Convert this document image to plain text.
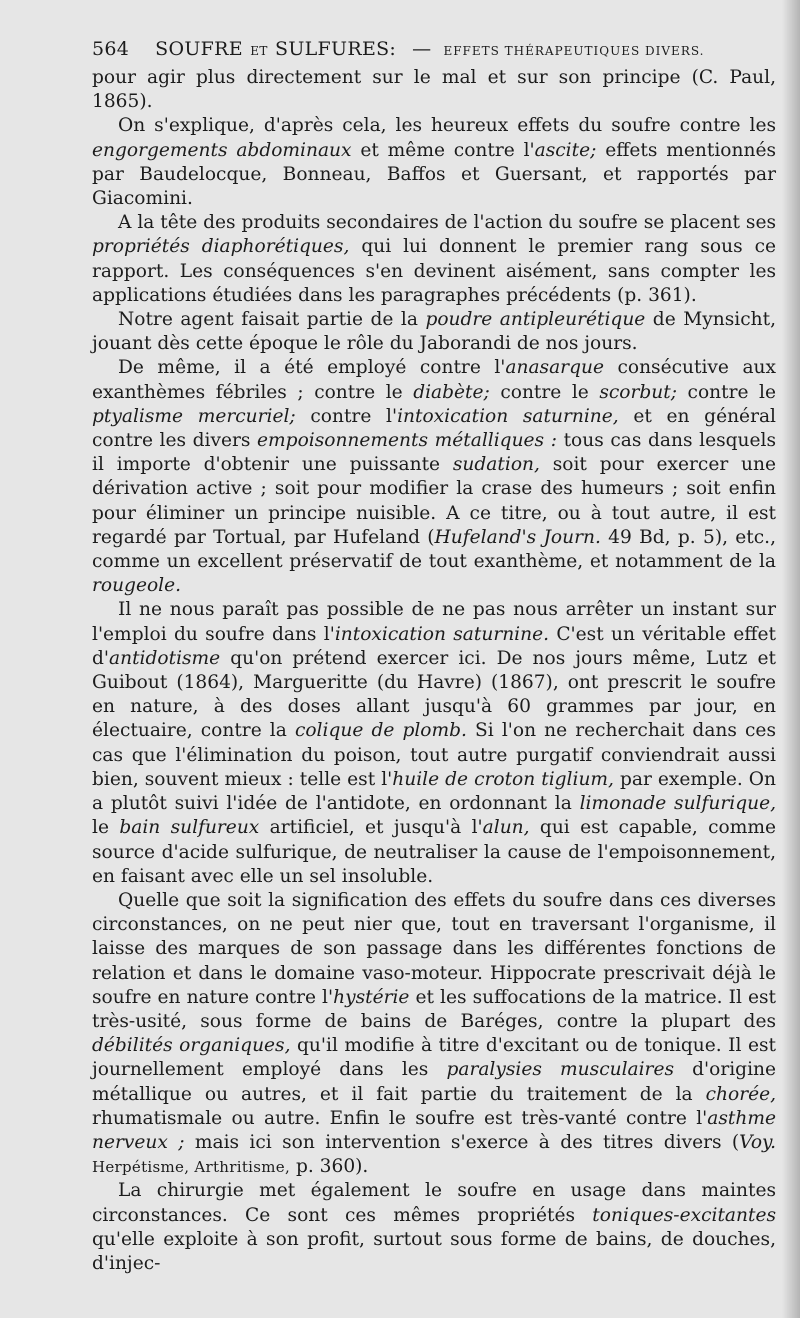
564 SOUFRE ET SULFURES: — EFFETS THÉRAPEUTIQUES DIVERS.

pour agir plus directement sur le mal et sur son principe (C. Paul, 1865).

On s'explique, d'après cela, les heureux effets du soufre contre les engorgements abdominaux et même contre l'ascite; effets mentionnés par Baudelocque, Bonneau, Baffos et Guersant, et rapportés par Giacomini.

A la tête des produits secondaires de l'action du soufre se placent ses propriétés diaphorétiques, qui lui donnent le premier rang sous ce rapport. Les conséquences s'en devinent aisément, sans compter les applications étudiées dans les paragraphes précédents (p. 361).

Notre agent faisait partie de la poudre antipleurétique de Mynsicht, jouant dès cette époque le rôle du Jaborandi de nos jours.

De même, il a été employé contre l'anasarque consécutive aux exanthèmes fébriles ; contre le diabète; contre le scorbut; contre le ptyalisme mercuriel; contre l'intoxication saturnine, et en général contre les divers empoisonnements métalliques : tous cas dans lesquels il importe d'obtenir une puissante sudation, soit pour exercer une dérivation active ; soit pour modifier la crase des humeurs ; soit enfin pour éliminer un principe nuisible. A ce titre, ou à tout autre, il est regardé par Tortual, par Hufeland (Hufeland's Journ. 49 Bd, p. 5), etc., comme un excellent préservatif de tout exanthème, et notamment de la rougeole.

Il ne nous paraît pas possible de ne pas nous arrêter un instant sur l'emploi du soufre dans l'intoxication saturnine. C'est un véritable effet d'antidotisme qu'on prétend exercer ici. De nos jours même, Lutz et Guibout (1864), Margueritte (du Havre) (1867), ont prescrit le soufre en nature, à des doses allant jusqu'à 60 grammes par jour, en électuaire, contre la colique de plomb. Si l'on ne recherchait dans ces cas que l'élimination du poison, tout autre purgatif conviendrait aussi bien, souvent mieux : telle est l'huile de croton tiglium, par exemple. On a plutôt suivi l'idée de l'antidote, en ordonnant la limonade sulfurique, le bain sulfureux artificiel, et jusqu'à l'alun, qui est capable, comme source d'acide sulfurique, de neutraliser la cause de l'empoisonnement, en faisant avec elle un sel insoluble.

Quelle que soit la signification des effets du soufre dans ces diverses circonstances, on ne peut nier que, tout en traversant l'organisme, il laisse des marques de son passage dans les différentes fonctions de relation et dans le domaine vaso-moteur. Hippocrate prescrivait déjà le soufre en nature contre l'hystérie et les suffocations de la matrice. Il est très-usité, sous forme de bains de Baréges, contre la plupart des débilités organiques, qu'il modifie à titre d'excitant ou de tonique. Il est journellement employé dans les paralysies musculaires d'origine métallique ou autres, et il fait partie du traitement de la chorée, rhumatismale ou autre. Enfin le soufre est très-vanté contre l'asthme nerveux ; mais ici son intervention s'exerce à des titres divers (Voy. Herpétisme, Arthritisme, p. 360).

La chirurgie met également le soufre en usage dans maintes circonstances. Ce sont ces mêmes propriétés toniques-excitantes qu'elle exploite à son profit, surtout sous forme de bains, de douches, d'injec-
